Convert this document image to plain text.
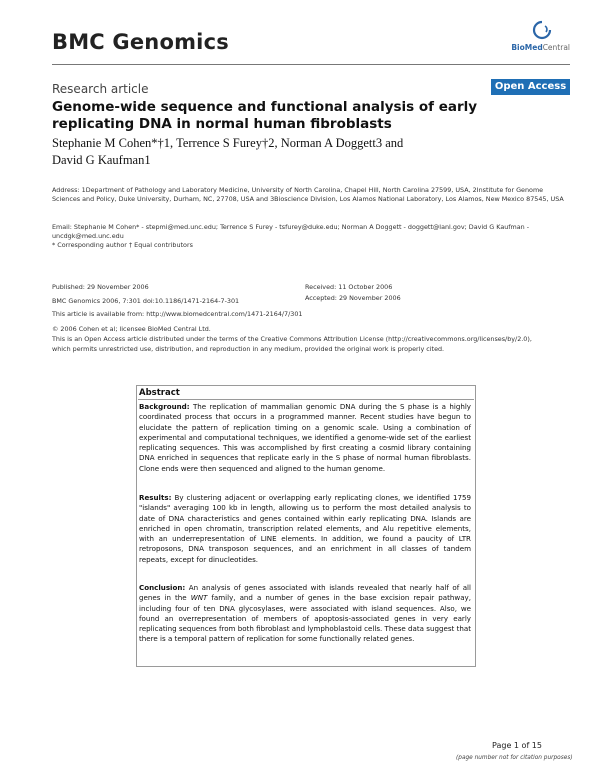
BMC Genomics	BioMedCentral
Research article	Open Access
Genome-wide sequence and functional analysis of early replicating DNA in normal human fibroblasts
Stephanie M Cohen*†1, Terrence S Furey†2, Norman A Doggett3 and
David G Kaufman1
Address: 1Department of Pathology and Laboratory Medicine, University of North Carolina, Chapel Hill, North Carolina 27599, USA, 2Institute for Genome Sciences and Policy, Duke University, Durham, NC, 27708, USA and 3Bioscience Division, Los Alamos National Laboratory, Los Alamos, New Mexico 87545, USA
Email: Stephanie M Cohen* - stepmi@med.unc.edu; Terrence S Furey - tsfurey@duke.edu; Norman A Doggett - doggett@lanl.gov; David G Kaufman - uncdgk@med.unc.edu
* Corresponding author † Equal contributors
Published: 29 November 2006	Received: 11 October 2006
Accepted: 29 November 2006
BMC Genomics 2006, 7:301 doi:10.1186/1471-2164-7-301
This article is available from: http://www.biomedcentral.com/1471-2164/7/301
© 2006 Cohen et al; licensee BioMed Central Ltd.
This is an Open Access article distributed under the terms of the Creative Commons Attribution License (http://creativecommons.org/licenses/by/2.0),
which permits unrestricted use, distribution, and reproduction in any medium, provided the original work is properly cited.
Abstract
Background: The replication of mammalian genomic DNA during the S phase is a highly coordinated process that occurs in a programmed manner. Recent studies have begun to elucidate the pattern of replication timing on a genomic scale. Using a combination of experimental and computational techniques, we identified a genome-wide set of the earliest replicating sequences. This was accomplished by first creating a cosmid library containing DNA enriched in sequences that replicate early in the S phase of normal human fibroblasts. Clone ends were then sequenced and aligned to the human genome.
Results: By clustering adjacent or overlapping early replicating clones, we identified 1759 "islands" averaging 100 kb in length, allowing us to perform the most detailed analysis to date of DNA characteristics and genes contained within early replicating DNA. Islands are enriched in open chromatin, transcription related elements, and Alu repetitive elements, with an underrepresentation of LINE elements. In addition, we found a paucity of LTR retroposons, DNA transposon sequences, and an enrichment in all classes of tandem repeats, except for dinucleotides.
Conclusion: An analysis of genes associated with islands revealed that nearly half of all genes in the WNT family, and a number of genes in the base excision repair pathway, including four of ten DNA glycosylases, were associated with island sequences. Also, we found an overrepresentation of members of apoptosis-associated genes in very early replicating sequences from both fibroblast and lymphoblastoid cells. These data suggest that there is a temporal pattern of replication for some functionally related genes.
Page 1 of 15
(page number not for citation purposes)
